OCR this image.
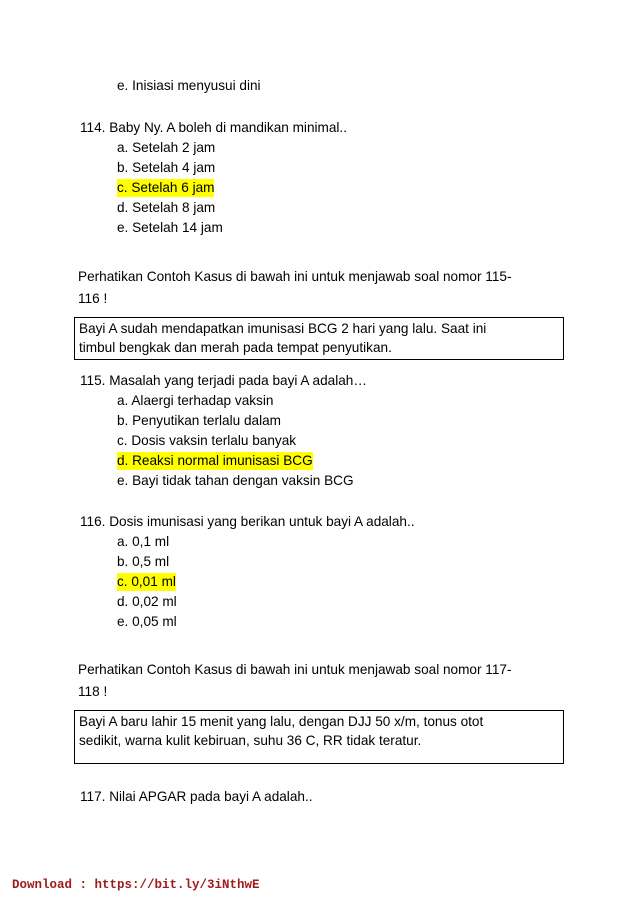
e. Inisiasi menyusui dini
114. Baby Ny. A boleh di mandikan minimal..
a. Setelah 2 jam
b. Setelah 4 jam
c. Setelah 6 jam
d. Setelah 8 jam
e. Setelah 14 jam
Perhatikan Contoh Kasus di bawah ini untuk menjawab soal nomor 115-
116 !
Bayi A sudah mendapatkan imunisasi BCG 2 hari yang lalu. Saat ini
timbul bengkak dan merah pada tempat penyutikan.
115. Masalah yang terjadi pada bayi A adalah…
a. Alaergi terhadap vaksin
b. Penyutikan terlalu dalam
c. Dosis vaksin terlalu banyak
d. Reaksi normal imunisasi BCG
e. Bayi tidak tahan dengan vaksin BCG
116. Dosis imunisasi yang berikan untuk bayi A adalah..
a. 0,1 ml
b. 0,5 ml
c. 0,01 ml
d. 0,02 ml
e. 0,05 ml
Perhatikan Contoh Kasus di bawah ini untuk menjawab soal nomor 117-
118 !
Bayi A baru lahir 15 menit yang lalu, dengan DJJ 50 x/m, tonus otot
sedikit, warna kulit kebiruan, suhu 36 C, RR tidak teratur.
117. Nilai APGAR pada bayi A adalah..
Download : https://bit.ly/3iNthwE
